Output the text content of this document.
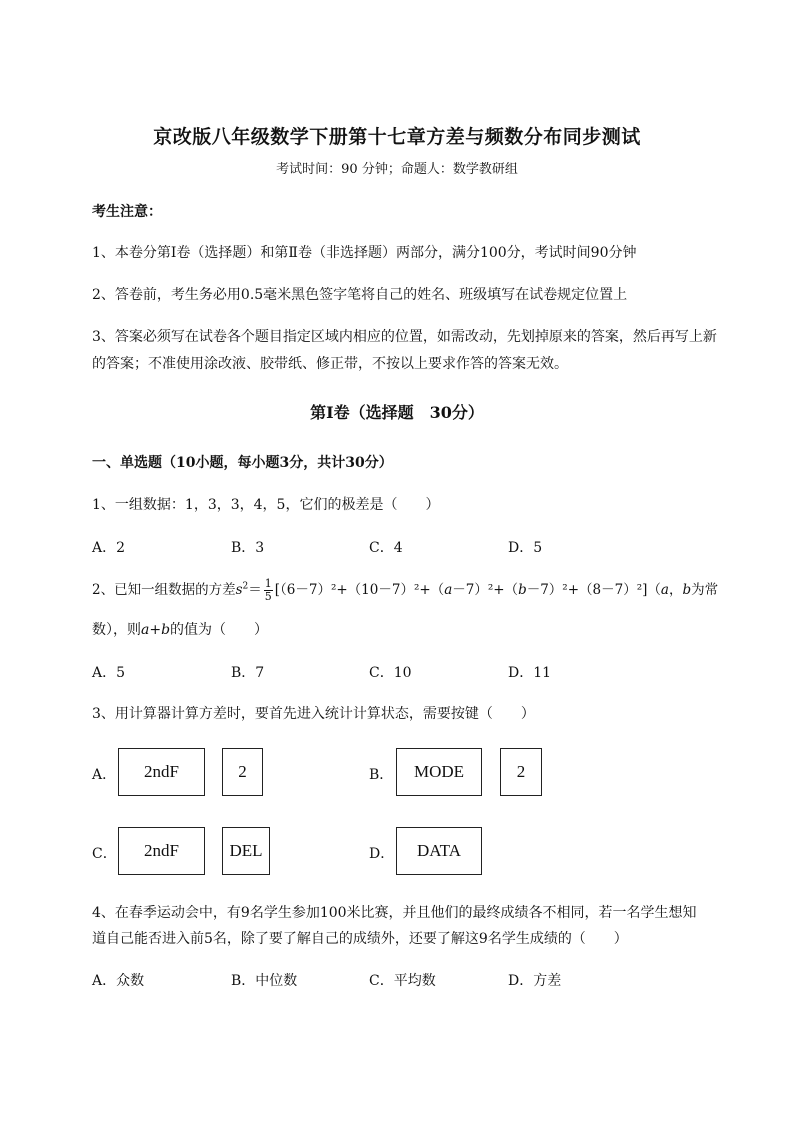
京改版八年级数学下册第十七章方差与频数分布同步测试
考试时间：90 分钟；命题人：数学教研组
考生注意：
1、本卷分第Ⅰ卷（选择题）和第Ⅱ卷（非选择题）两部分，满分100分，考试时间90分钟
2、答卷前，考生务必用0.5毫米黑色签字笔将自己的姓名、班级填写在试卷规定位置上
3、答案必须写在试卷各个题目指定区域内相应的位置，如需改动，先划掉原来的答案，然后再写上新
的答案；不准使用涂改液、胶带纸、修正带，不按以上要求作答的答案无效。
第Ⅰ卷（选择题　30分）
一、单选题（10小题，每小题3分，共计30分）
1、一组数据：1，3，3，4，5，它们的极差是（　　）
A．2	B．3	C．4	D．5
2、已知一组数据的方差$s^2= \frac{1}{5} [(6-7)^2+(10-7)^2+(a-7)^2+(b-7)^2+(8-7)^2](a$，b为常
数），则a+b的值为（　　）
A．5	B．7	C．10	D．11
3、用计算器计算方差时，要首先进入统计计算状态，需要按键（　　）
A．	2ndF	2	B．	MODE	2
C．	2ndF	DEL	D．	DATA
4、在春季运动会中，有9名学生参加100米比赛，并且他们的最终成绩各不相同，若一名学生想知
道自己能否进入前5名，除了要了解自己的成绩外，还要了解这9名学生成绩的（　　）
A．众数	B．中位数	C．平均数	D．方差
